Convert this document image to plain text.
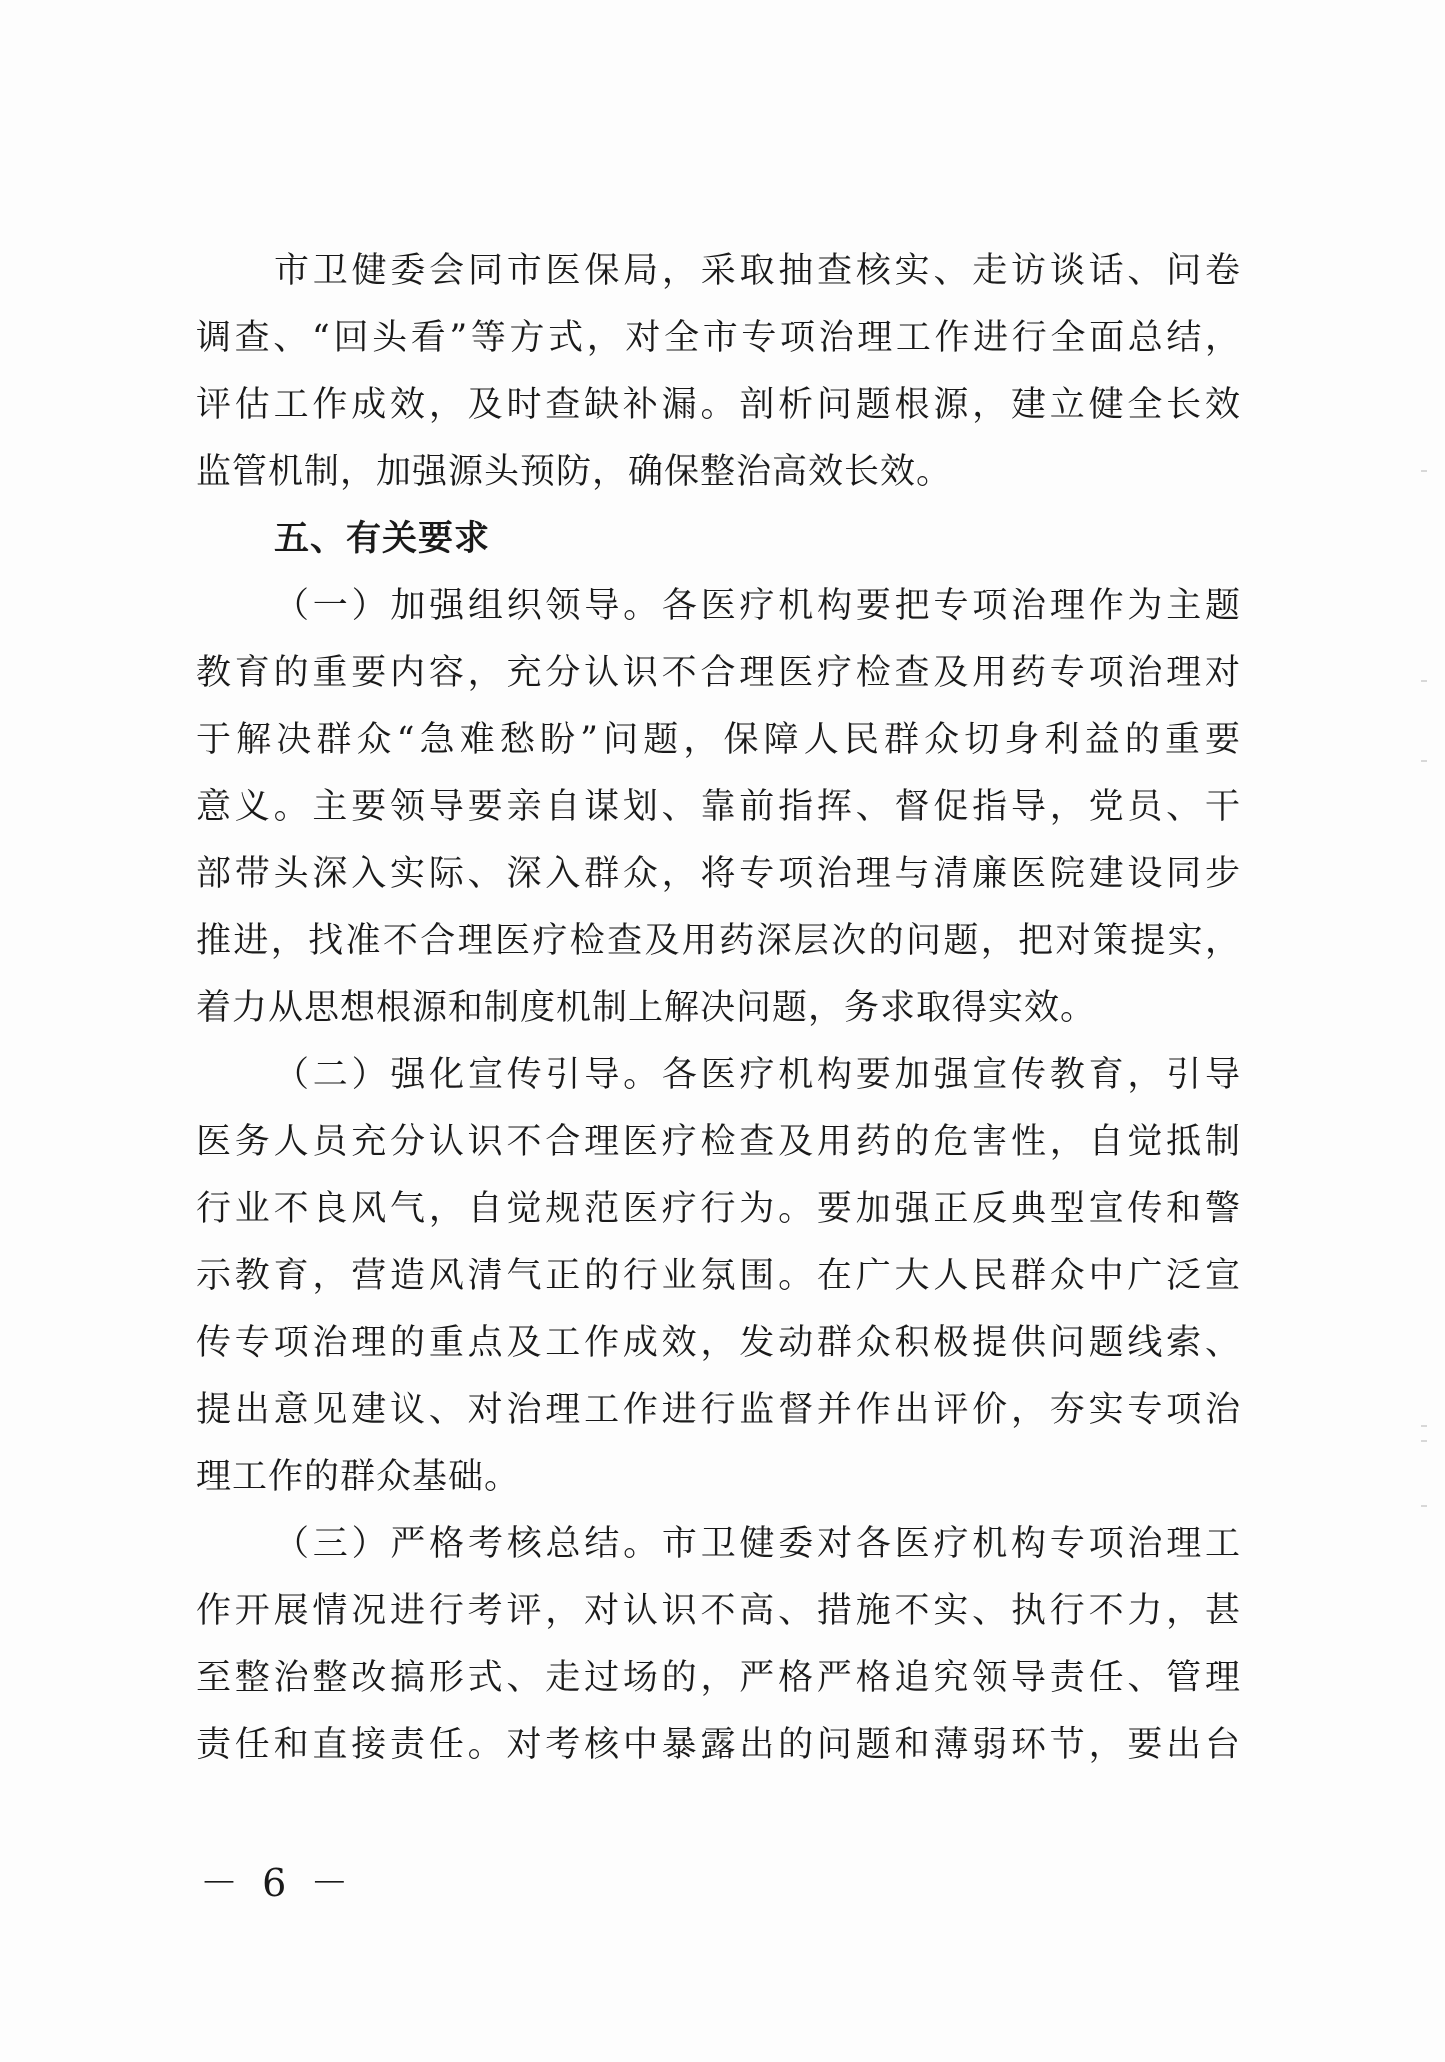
市卫健委会同市医保局，采取抽查核实、走访谈话、问卷
调查、“回头看”等方式，对全市专项治理工作进行全面总结，
评估工作成效，及时查缺补漏。剖析问题根源，建立健全长效
监管机制，加强源头预防，确保整治高效长效。
五、有关要求
（一）加强组织领导。各医疗机构要把专项治理作为主题
教育的重要内容，充分认识不合理医疗检查及用药专项治理对
于解决群众“急难愁盼”问题，保障人民群众切身利益的重要
意义。主要领导要亲自谋划、靠前指挥、督促指导，党员、干
部带头深入实际、深入群众，将专项治理与清廉医院建设同步
推进，找准不合理医疗检查及用药深层次的问题，把对策提实，
着力从思想根源和制度机制上解决问题，务求取得实效。
（二）强化宣传引导。各医疗机构要加强宣传教育，引导
医务人员充分认识不合理医疗检查及用药的危害性，自觉抵制
行业不良风气，自觉规范医疗行为。要加强正反典型宣传和警
示教育，营造风清气正的行业氛围。在广大人民群众中广泛宣
传专项治理的重点及工作成效，发动群众积极提供问题线索、
提出意见建议、对治理工作进行监督并作出评价，夯实专项治
理工作的群众基础。
（三）严格考核总结。市卫健委对各医疗机构专项治理工
作开展情况进行考评，对认识不高、措施不实、执行不力，甚
至整治整改搞形式、走过场的，严格严格追究领导责任、管理
责任和直接责任。对考核中暴露出的问题和薄弱环节，要出台
－ 6 －
